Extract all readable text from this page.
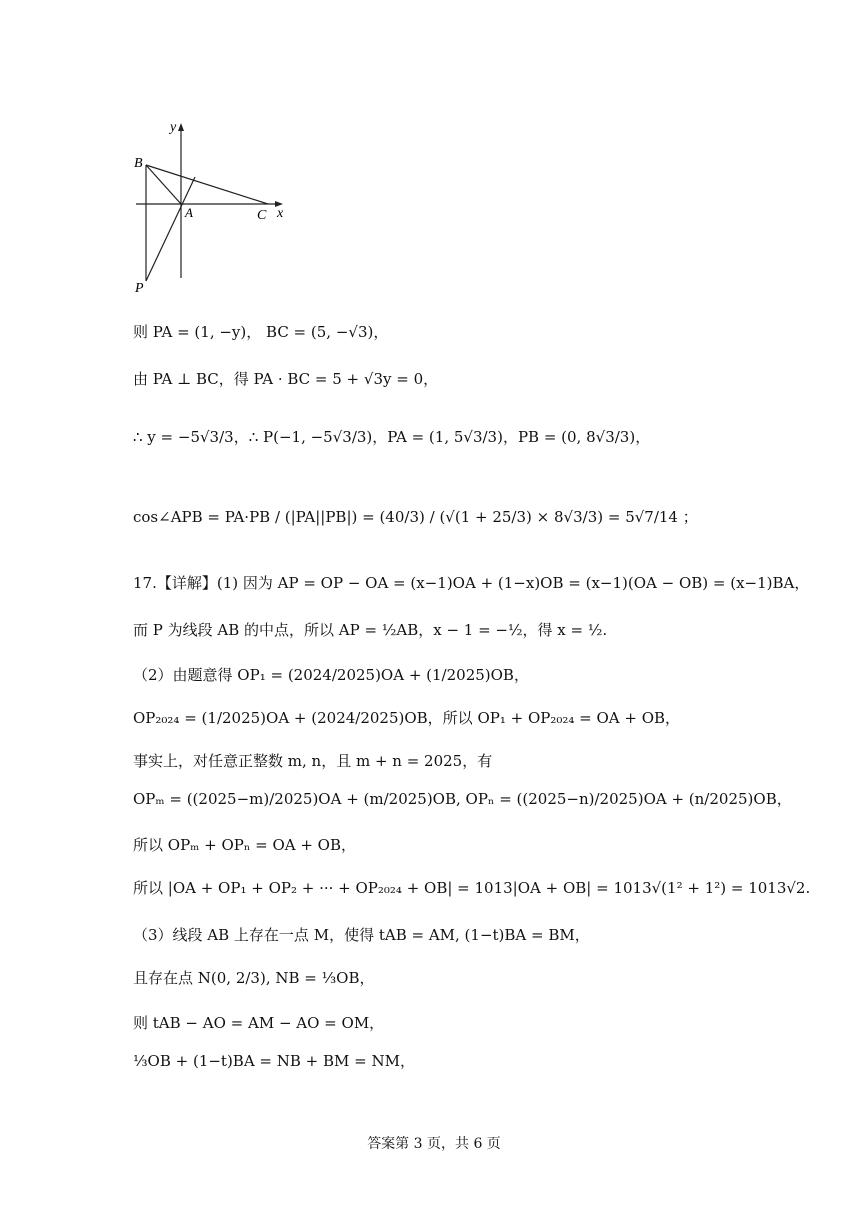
y
B
A	C x
P
则 PA = (1, −y)， BC = (5, −√3)，
由 PA ⊥ BC，得 PA · BC = 5 + √3y = 0，
∴ y = −5√3/3，∴ P(−1, −5√3/3)，PA = (1, 5√3/3)，PB = (0, 8√3/3)，
cos∠APB = PA·PB / (|PA||PB|) = (40/3) / (√(1 + 25/3) × 8√3/3) = 5√7/14 ；
17.【详解】(1) 因为 AP = OP − OA = (x−1)OA + (1−x)OB = (x−1)(OA − OB) = (x−1)BA，
而 P 为线段 AB 的中点，所以 AP = ½AB，x − 1 = −½，得 x = ½.
（2）由题意得 OP₁ = (2024/2025)OA + (1/2025)OB，
OP₂₀₂₄ = (1/2025)OA + (2024/2025)OB，所以 OP₁ + OP₂₀₂₄ = OA + OB，
事实上，对任意正整数 m, n，且 m + n = 2025，有
OPₘ = ((2025−m)/2025)OA + (m/2025)OB, OPₙ = ((2025−n)/2025)OA + (n/2025)OB，
所以 OPₘ + OPₙ = OA + OB，
所以 |OA + OP₁ + OP₂ + ··· + OP₂₀₂₄ + OB| = 1013|OA + OB| = 1013√(1² + 1²) = 1013√2.
（3）线段 AB 上存在一点 M，使得 tAB = AM, (1−t)BA = BM，
且存在点 N(0, 2/3), NB = ⅓OB，
则 tAB − AO = AM − AO = OM，
⅓OB + (1−t)BA = NB + BM = NM，
答案第 3 页，共 6 页
